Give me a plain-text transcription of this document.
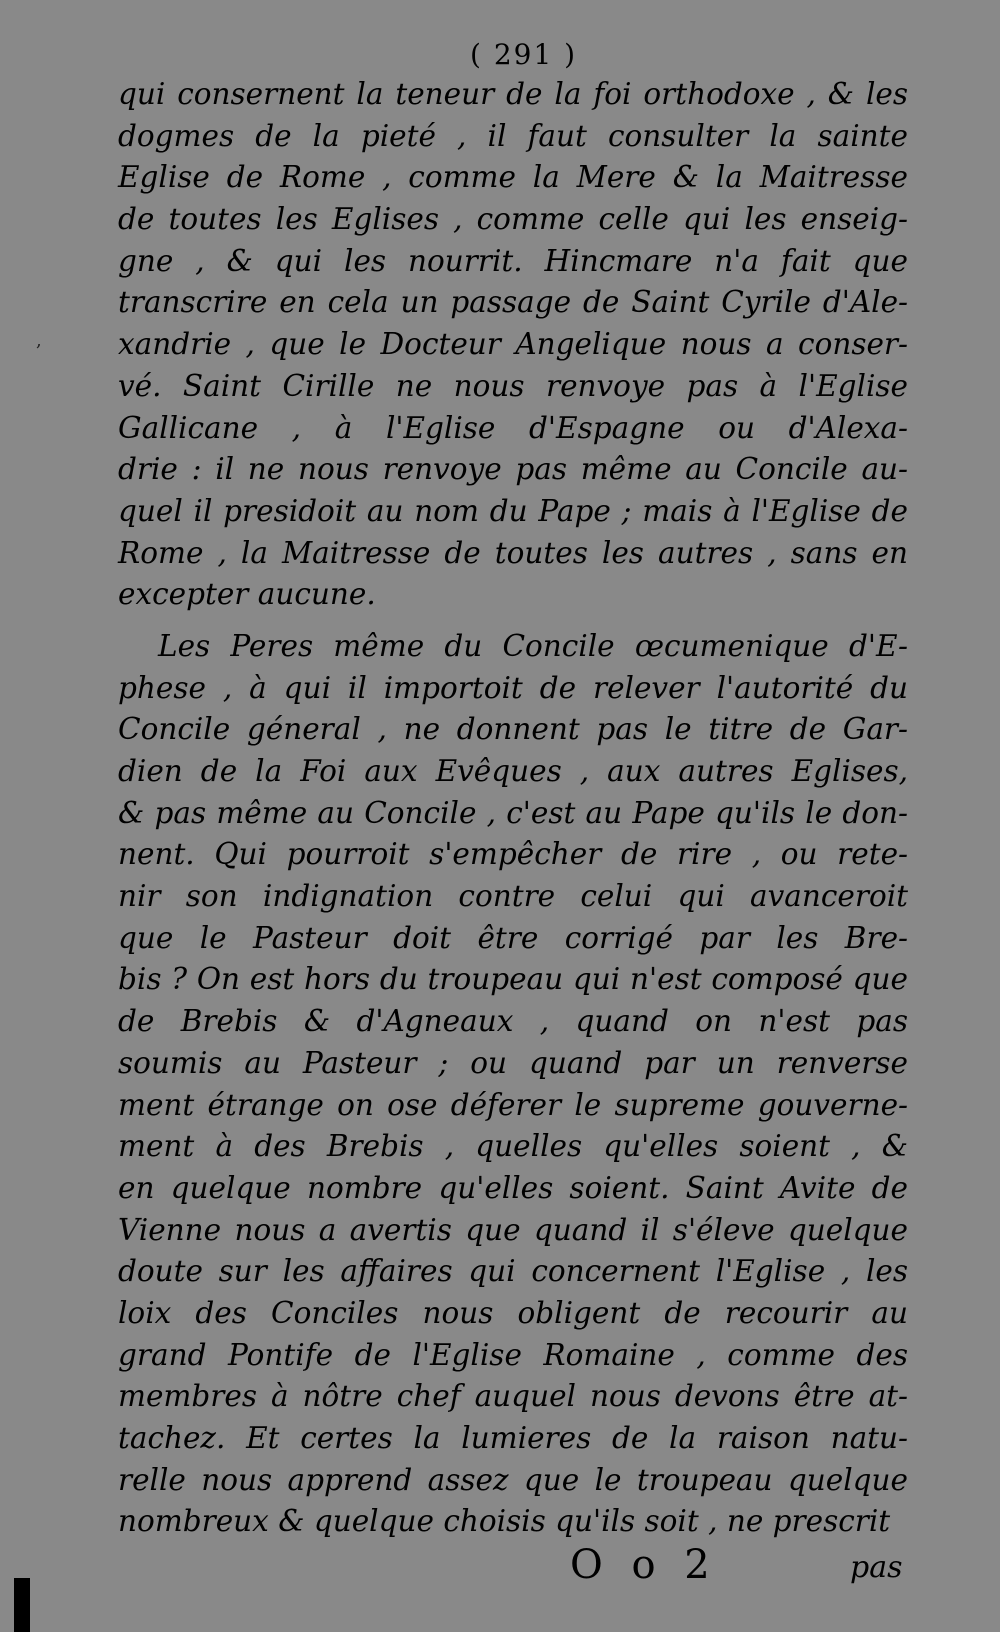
( 291 )
qui consernent la teneur de la foi orthodoxe , & les
dogmes de la pieté , il faut consulter la sainte
Eglise de Rome , comme la Mere & la Maitresse
de toutes les Eglises , comme celle qui les enseig-
gne , & qui les nourrit. Hincmare n'a fait que
transcrire en cela un passage de Saint Cyrile d'Ale-
xandrie , que le Docteur Angelique nous a conser-
vé. Saint Cirille ne nous renvoye pas à l'Eglise
Gallicane , à l'Eglise d'Espagne ou d'Alexa-
drie : il ne nous renvoye pas même au Concile au-
quel il presidoit au nom du Pape ; mais à l'Eglise de
Rome , la Maitresse de toutes les autres , sans en
excepter aucune.
Les Peres même du Concile œcumenique d'E-
phese , à qui il importoit de relever l'autorité du
Concile géneral , ne donnent pas le titre de Gar-
dien de la Foi aux Evêques , aux autres Eglises,
& pas même au Concile , c'est au Pape qu'ils le don-
nent. Qui pourroit s'empêcher de rire , ou rete-
nir son indignation contre celui qui avanceroit
que le Pasteur doit être corrigé par les Bre-
bis ? On est hors du troupeau qui n'est composé que
de Brebis & d'Agneaux , quand on n'est pas
soumis au Pasteur ; ou quand par un renverse
ment étrange on ose déferer le supreme gouverne-
ment à des Brebis , quelles qu'elles soient , &
en quelque nombre qu'elles soient. Saint Avite de
Vienne nous a avertis que quand il s'éleve quelque
doute sur les affaires qui concernent l'Eglise , les
loix des Conciles nous obligent de recourir au
grand Pontife de l'Eglise Romaine , comme des
membres à nôtre chef auquel nous devons être at-
tachez. Et certes la lumieres de la raison natu-
relle nous apprend assez que le troupeau quelque
nombreux & quelque choisis qu'ils soit , ne prescrit
O o 2	pas
,
